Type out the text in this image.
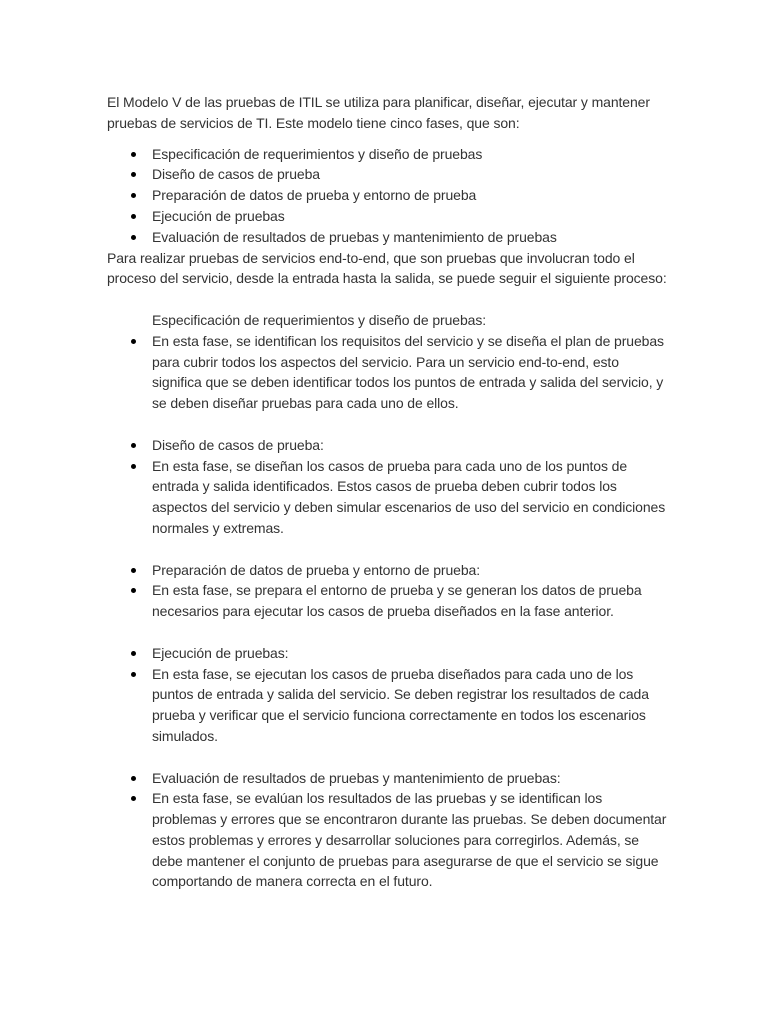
El Modelo V de las pruebas de ITIL se utiliza para planificar, diseñar, ejecutar y mantener pruebas de servicios de TI. Este modelo tiene cinco fases, que son:

Especificación de requerimientos y diseño de pruebas
Diseño de casos de prueba
Preparación de datos de prueba y entorno de prueba
Ejecución de pruebas
Evaluación de resultados de pruebas y mantenimiento de pruebas

Para realizar pruebas de servicios end-to-end, que son pruebas que involucran todo el proceso del servicio, desde la entrada hasta la salida, se puede seguir el siguiente proceso:

Especificación de requerimientos y diseño de pruebas:
En esta fase, se identifican los requisitos del servicio y se diseña el plan de pruebas para cubrir todos los aspectos del servicio. Para un servicio end-to-end, esto significa que se deben identificar todos los puntos de entrada y salida del servicio, y se deben diseñar pruebas para cada uno de ellos.
Diseño de casos de prueba:
En esta fase, se diseñan los casos de prueba para cada uno de los puntos de entrada y salida identificados. Estos casos de prueba deben cubrir todos los aspectos del servicio y deben simular escenarios de uso del servicio en condiciones normales y extremas.
Preparación de datos de prueba y entorno de prueba:
En esta fase, se prepara el entorno de prueba y se generan los datos de prueba necesarios para ejecutar los casos de prueba diseñados en la fase anterior.
Ejecución de pruebas:
En esta fase, se ejecutan los casos de prueba diseñados para cada uno de los puntos de entrada y salida del servicio. Se deben registrar los resultados de cada prueba y verificar que el servicio funciona correctamente en todos los escenarios simulados.
Evaluación de resultados de pruebas y mantenimiento de pruebas:
En esta fase, se evalúan los resultados de las pruebas y se identifican los problemas y errores que se encontraron durante las pruebas. Se deben documentar estos problemas y errores y desarrollar soluciones para corregirlos. Además, se debe mantener el conjunto de pruebas para asegurarse de que el servicio se sigue comportando de manera correcta en el futuro.
